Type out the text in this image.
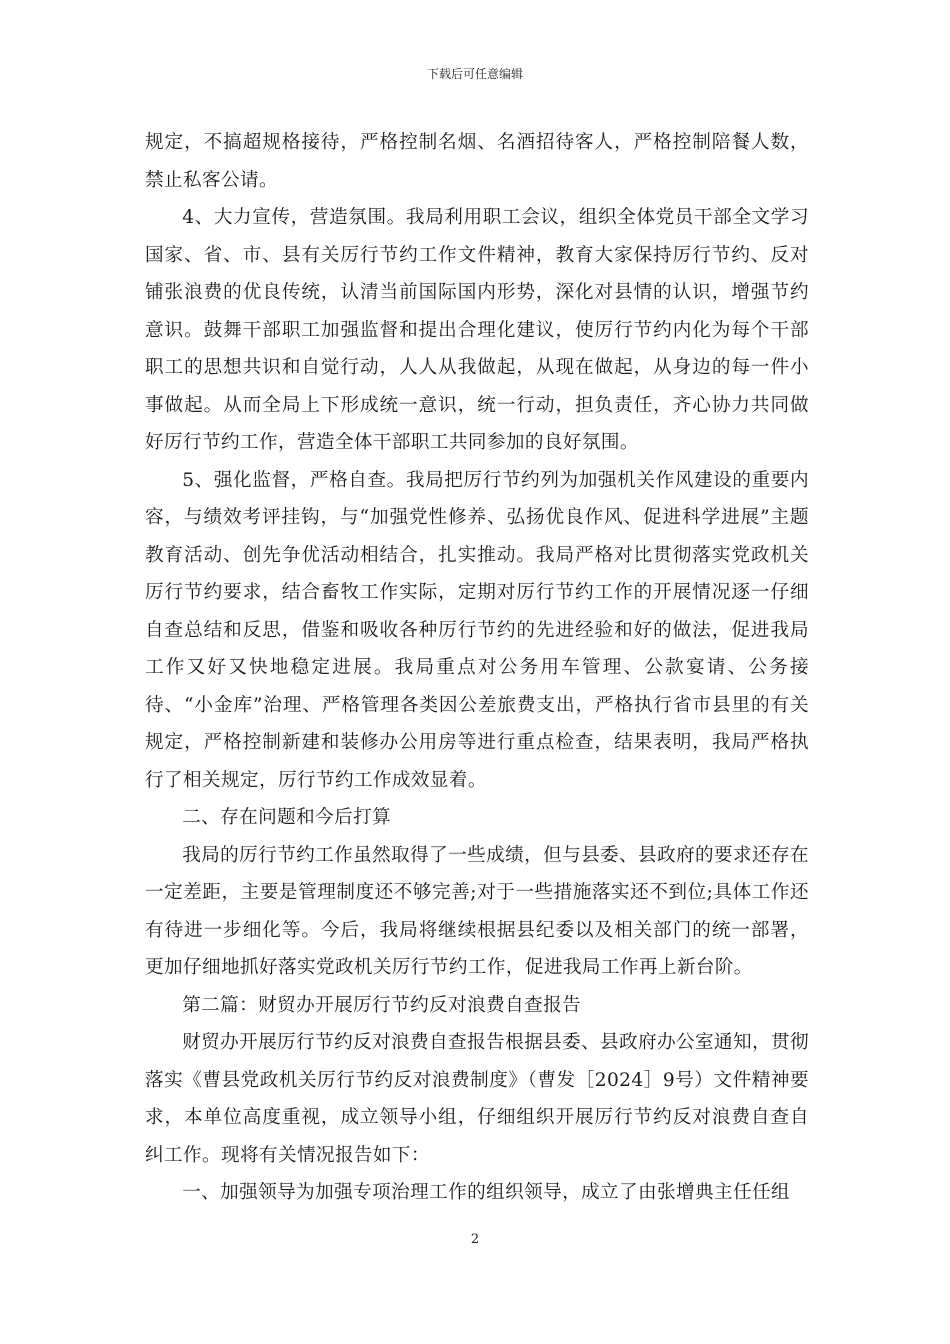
下载后可任意编辑

规定，不搞超规格接待，严格控制名烟、名酒招待客人，严格控制陪餐人数，禁止私客公请。

4、大力宣传，营造氛围。我局利用职工会议，组织全体党员干部全文学习国家、省、市、县有关厉行节约工作文件精神，教育大家保持厉行节约、反对铺张浪费的优良传统，认清当前国际国内形势，深化对县情的认识，增强节约意识。鼓舞干部职工加强监督和提出合理化建议，使厉行节约内化为每个干部职工的思想共识和自觉行动，人人从我做起，从现在做起，从身边的每一件小事做起。从而全局上下形成统一意识，统一行动，担负责任，齐心协力共同做好厉行节约工作，营造全体干部职工共同参加的良好氛围。

5、强化监督，严格自查。我局把厉行节约列为加强机关作风建设的重要内容，与绩效考评挂钩，与“加强党性修养、弘扬优良作风、促进科学进展”主题教育活动、创先争优活动相结合，扎实推动。我局严格对比贯彻落实党政机关厉行节约要求，结合畜牧工作实际，定期对厉行节约工作的开展情况逐一仔细自查总结和反思，借鉴和吸收各种厉行节约的先进经验和好的做法，促进我局工作又好又快地稳定进展。我局重点对公务用车管理、公款宴请、公务接待、“小金库”治理、严格管理各类因公差旅费支出，严格执行省市县里的有关规定，严格控制新建和装修办公用房等进行重点检查，结果表明，我局严格执行了相关规定，厉行节约工作成效显着。

二、存在问题和今后打算

我局的厉行节约工作虽然取得了一些成绩，但与县委、县政府的要求还存在一定差距，主要是管理制度还不够完善;对于一些措施落实还不到位;具体工作还有待进一步细化等。今后，我局将继续根据县纪委以及相关部门的统一部署，更加仔细地抓好落实党政机关厉行节约工作，促进我局工作再上新台阶。

第二篇：财贸办开展厉行节约反对浪费自查报告

财贸办开展厉行节约反对浪费自查报告根据县委、县政府办公室通知，贯彻落实《曹县党政机关厉行节约反对浪费制度》（曹发［2024］9号）文件精神要求，本单位高度重视，成立领导小组，仔细组织开展厉行节约反对浪费自查自纠工作。现将有关情况报告如下：

一、加强领导为加强专项治理工作的组织领导，成立了由张增典主任任组

2
